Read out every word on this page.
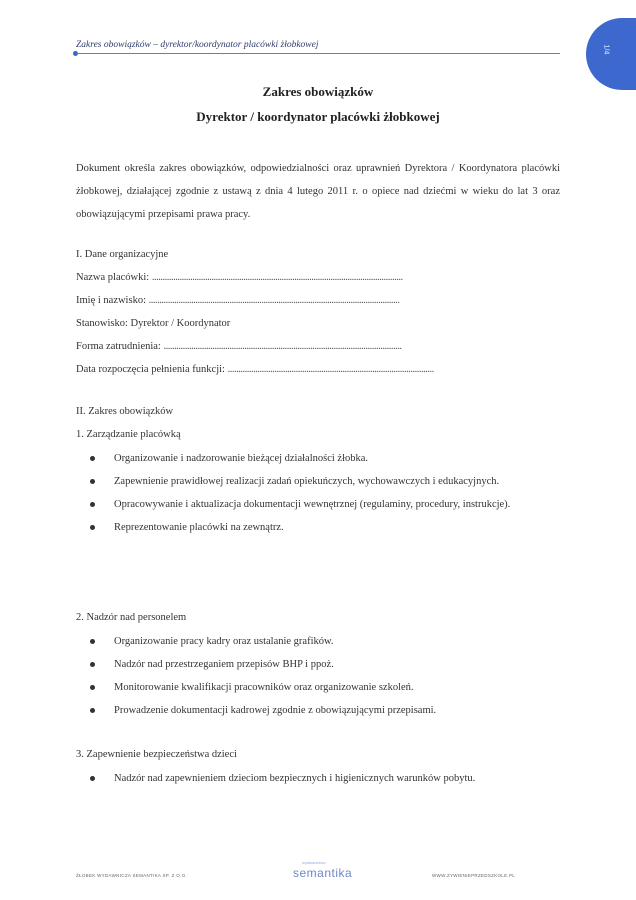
Zakres obowiązków – dyrektor/koordynator placówki żłobkowej	1/4
Zakres obowiązków
Dyrektor / koordynator placówki żłobkowej
Dokument określa zakres obowiązków, odpowiedzialności oraz uprawnień Dyrektora / Koordynatora placówki żłobkowej, działającej zgodnie z ustawą z dnia 4 lutego 2011 r. o opiece nad dziećmi w wieku do lat 3 oraz obowiązującymi przepisami prawa pracy.
I. Dane organizacyjne
Nazwa placówki: ......................................................................................................................
Imię i nazwisko: ......................................................................................................................
Stanowisko: Dyrektor / Koordynator
Forma zatrudnienia: ................................................................................................................
Data rozpoczęcia pełnienia funkcji: .................................................................................................
II. Zakres obowiązków
1. Zarządzanie placówką
Organizowanie i nadzorowanie bieżącej działalności żłobka.
Zapewnienie prawidłowej realizacji zadań opiekuńczych, wychowawczych i edukacyjnych.
Opracowywanie i aktualizacja dokumentacji wewnętrznej (regulaminy, procedury, instrukcje).
Reprezentowanie placówki na zewnątrz.
2. Nadzór nad personelem
Organizowanie pracy kadry oraz ustalanie grafików.
Nadzór nad przestrzeganiem przepisów BHP i ppoż.
Monitorowanie kwalifikacji pracowników oraz organizowanie szkoleń.
Prowadzenie dokumentacji kadrowej zgodnie z obowiązującymi przepisami.
3. Zapewnienie bezpieczeństwa dzieci
Nadzór nad zapewnieniem dzieciom bezpiecznych i higienicznych warunków pobytu.
ŻŁOBEK WYDAWNICZA SEMANTIKA SP. Z O.O.
wydawnictwo
semantika	WWW.ZYWIENIEPRZEDSZKOLE.PL
